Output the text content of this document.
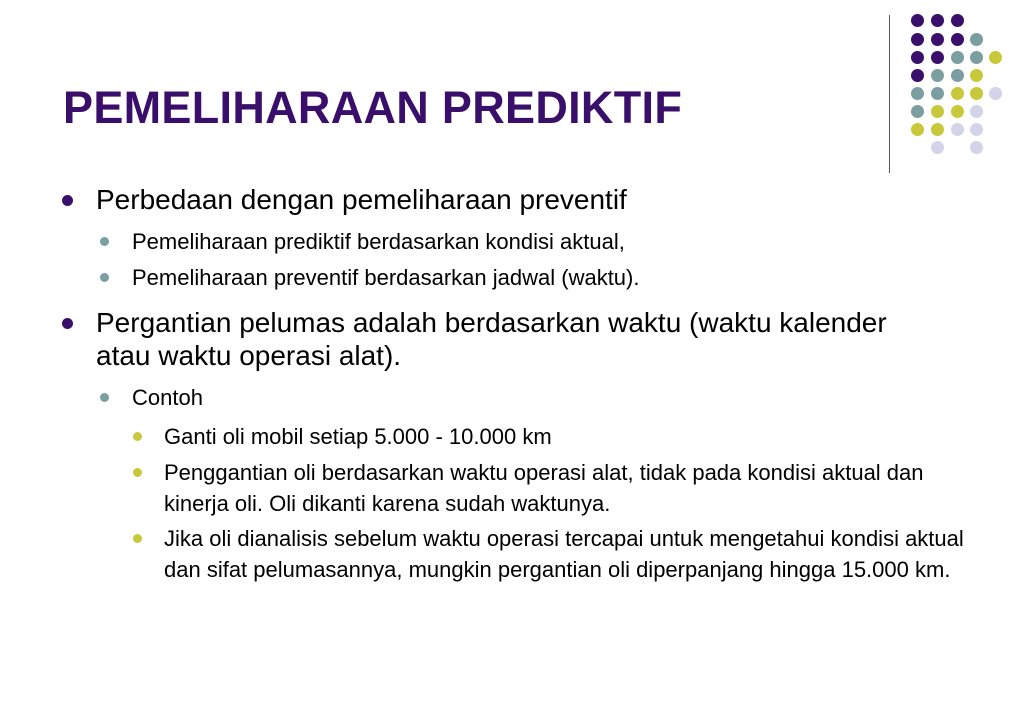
PEMELIHARAAN PREDIKTIF
Perbedaan dengan pemeliharaan preventif
Pemeliharaan prediktif berdasarkan kondisi aktual,
Pemeliharaan preventif berdasarkan jadwal (waktu).
Pergantian pelumas adalah berdasarkan waktu (waktu kalender atau waktu operasi alat).
Contoh
Ganti oli mobil setiap 5.000 - 10.000 km
Penggantian oli berdasarkan waktu operasi alat, tidak pada kondisi aktual dan kinerja oli. Oli dikanti karena sudah waktunya.
Jika oli dianalisis sebelum waktu operasi tercapai untuk mengetahui kondisi aktual dan sifat pelumasannya, mungkin pergantian oli diperpanjang hingga 15.000 km.
